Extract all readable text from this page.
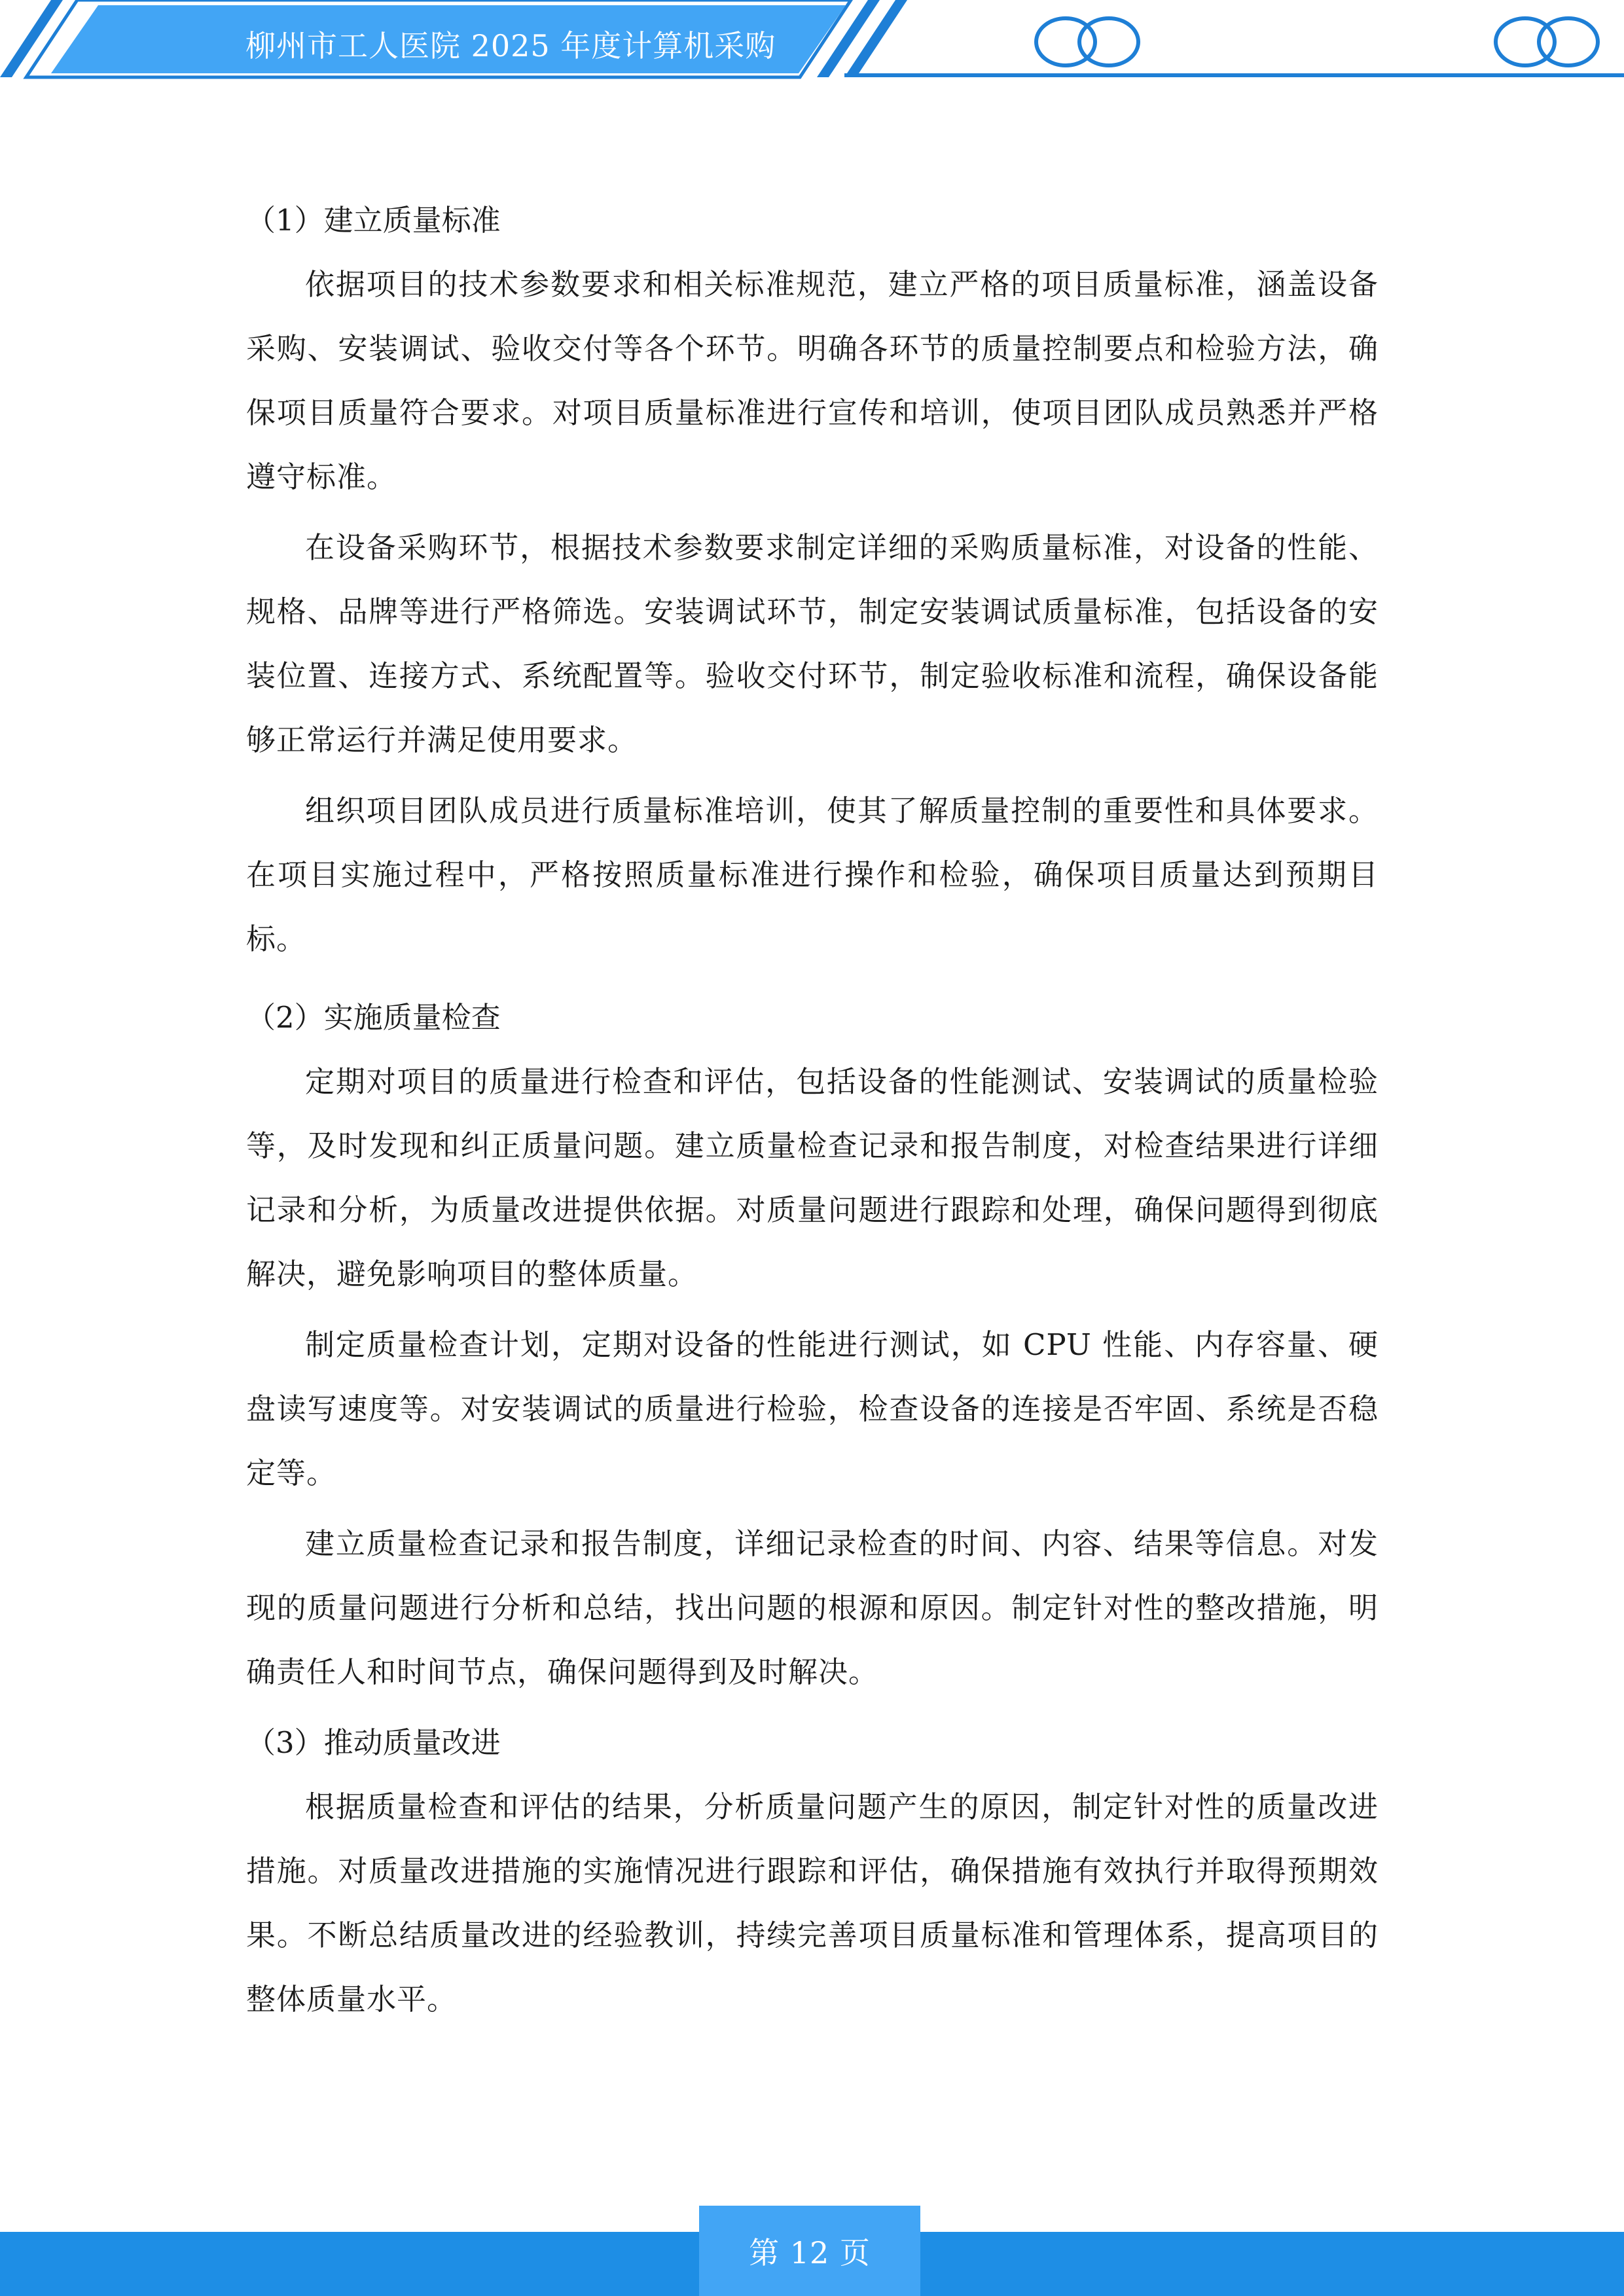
柳州市工人医院 2025 年度计算机采购

（1）建立质量标准

依据项目的技术参数要求和相关标准规范，建立严格的项目质量标准，涵盖设备采购、安装调试、验收交付等各个环节。明确各环节的质量控制要点和检验方法，确保项目质量符合要求。对项目质量标准进行宣传和培训，使项目团队成员熟悉并严格遵守标准。

在设备采购环节，根据技术参数要求制定详细的采购质量标准，对设备的性能、规格、品牌等进行严格筛选。安装调试环节，制定安装调试质量标准，包括设备的安装位置、连接方式、系统配置等。验收交付环节，制定验收标准和流程，确保设备能够正常运行并满足使用要求。

组织项目团队成员进行质量标准培训，使其了解质量控制的重要性和具体要求。在项目实施过程中，严格按照质量标准进行操作和检验，确保项目质量达到预期目标。

（2）实施质量检查

定期对项目的质量进行检查和评估，包括设备的性能测试、安装调试的质量检验等，及时发现和纠正质量问题。建立质量检查记录和报告制度，对检查结果进行详细记录和分析，为质量改进提供依据。对质量问题进行跟踪和处理，确保问题得到彻底解决，避免影响项目的整体质量。

制定质量检查计划，定期对设备的性能进行测试，如 CPU 性能、内存容量、硬盘读写速度等。对安装调试的质量进行检验，检查设备的连接是否牢固、系统是否稳定等。

建立质量检查记录和报告制度，详细记录检查的时间、内容、结果等信息。对发现的质量问题进行分析和总结，找出问题的根源和原因。制定针对性的整改措施，明确责任人和时间节点，确保问题得到及时解决。

（3）推动质量改进

根据质量检查和评估的结果，分析质量问题产生的原因，制定针对性的质量改进措施。对质量改进措施的实施情况进行跟踪和评估，确保措施有效执行并取得预期效果。不断总结质量改进的经验教训，持续完善项目质量标准和管理体系，提高项目的整体质量水平。

第 12 页
